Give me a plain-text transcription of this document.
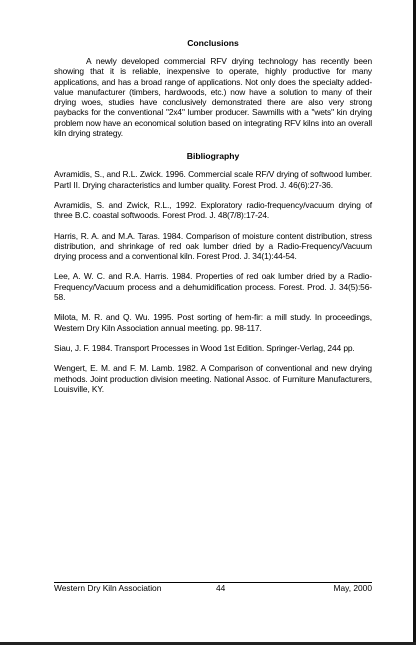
Conclusions

A newly developed commercial RFV drying technology has recently been showing that it is reliable, inexpensive to operate, highly productive for many applications, and has a broad range of applications. Not only does the specialty added-value manufacturer (timbers, hardwoods, etc.) now have a solution to many of their drying woes, studies have conclusively demonstrated there are also very strong paybacks for the conventional "2x4" lumber producer. Sawmills with a "wets" kin drying problem now have an economical solution based on integrating RFV kilns into an overall kiln drying strategy.

Bibliography

Avramidis, S., and R.L. Zwick. 1996. Commercial scale RF/V drying of softwood lumber. PartI II. Drying characteristics and lumber quality. Forest Prod. J. 46(6):27-36.

Avramidis, S. and Zwick, R.L., 1992. Exploratory radio-frequency/vacuum drying of three B.C. coastal softwoods. Forest Prod. J. 48(7/8):17-24.

Harris, R. A. and M.A. Taras. 1984. Comparison of moisture content distribution, stress distribution, and shrinkage of red oak lumber dried by a Radio-Frequency/Vacuum drying process and a conventional kiln. Forest Prod. J. 34(1):44-54.

Lee, A. W. C. and R.A. Harris. 1984. Properties of red oak lumber dried by a Radio-Frequency/Vacuum process and a dehumidification process. Forest. Prod. J. 34(5):56-58.

Milota, M. R. and Q. Wu. 1995. Post sorting of hem-fir: a mill study. In proceedings, Western Dry Kiln Association annual meeting. pp. 98-117.

Siau, J. F. 1984. Transport Processes in Wood 1st Edition. Springer-Verlag, 244 pp.

Wengert, E. M. and F. M. Lamb. 1982. A Comparison of conventional and new drying methods. Joint production division meeting. National Assoc. of Furniture Manufacturers, Louisville, KY.

Western Dry Kiln Association	44	May, 2000
